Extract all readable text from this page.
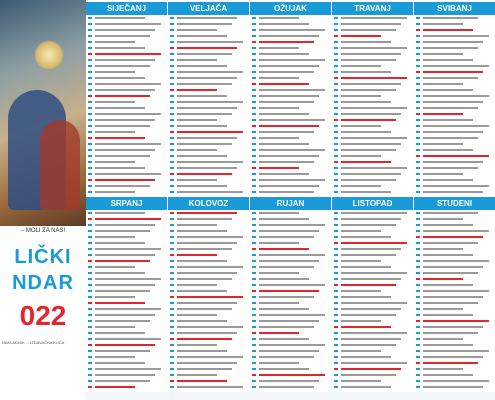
– MOLI ZA NAS!
LIČKI
NDAR
022
NAKLADNIK ... IZDAVAČKA KUĆA
SIJEČANJ	VELJAČA	OŽUJAK	TRAVANJ	SVIBANJ
SRPANJ	KOLOVOZ	RUJAN	LISTOPAD	STUDENI
